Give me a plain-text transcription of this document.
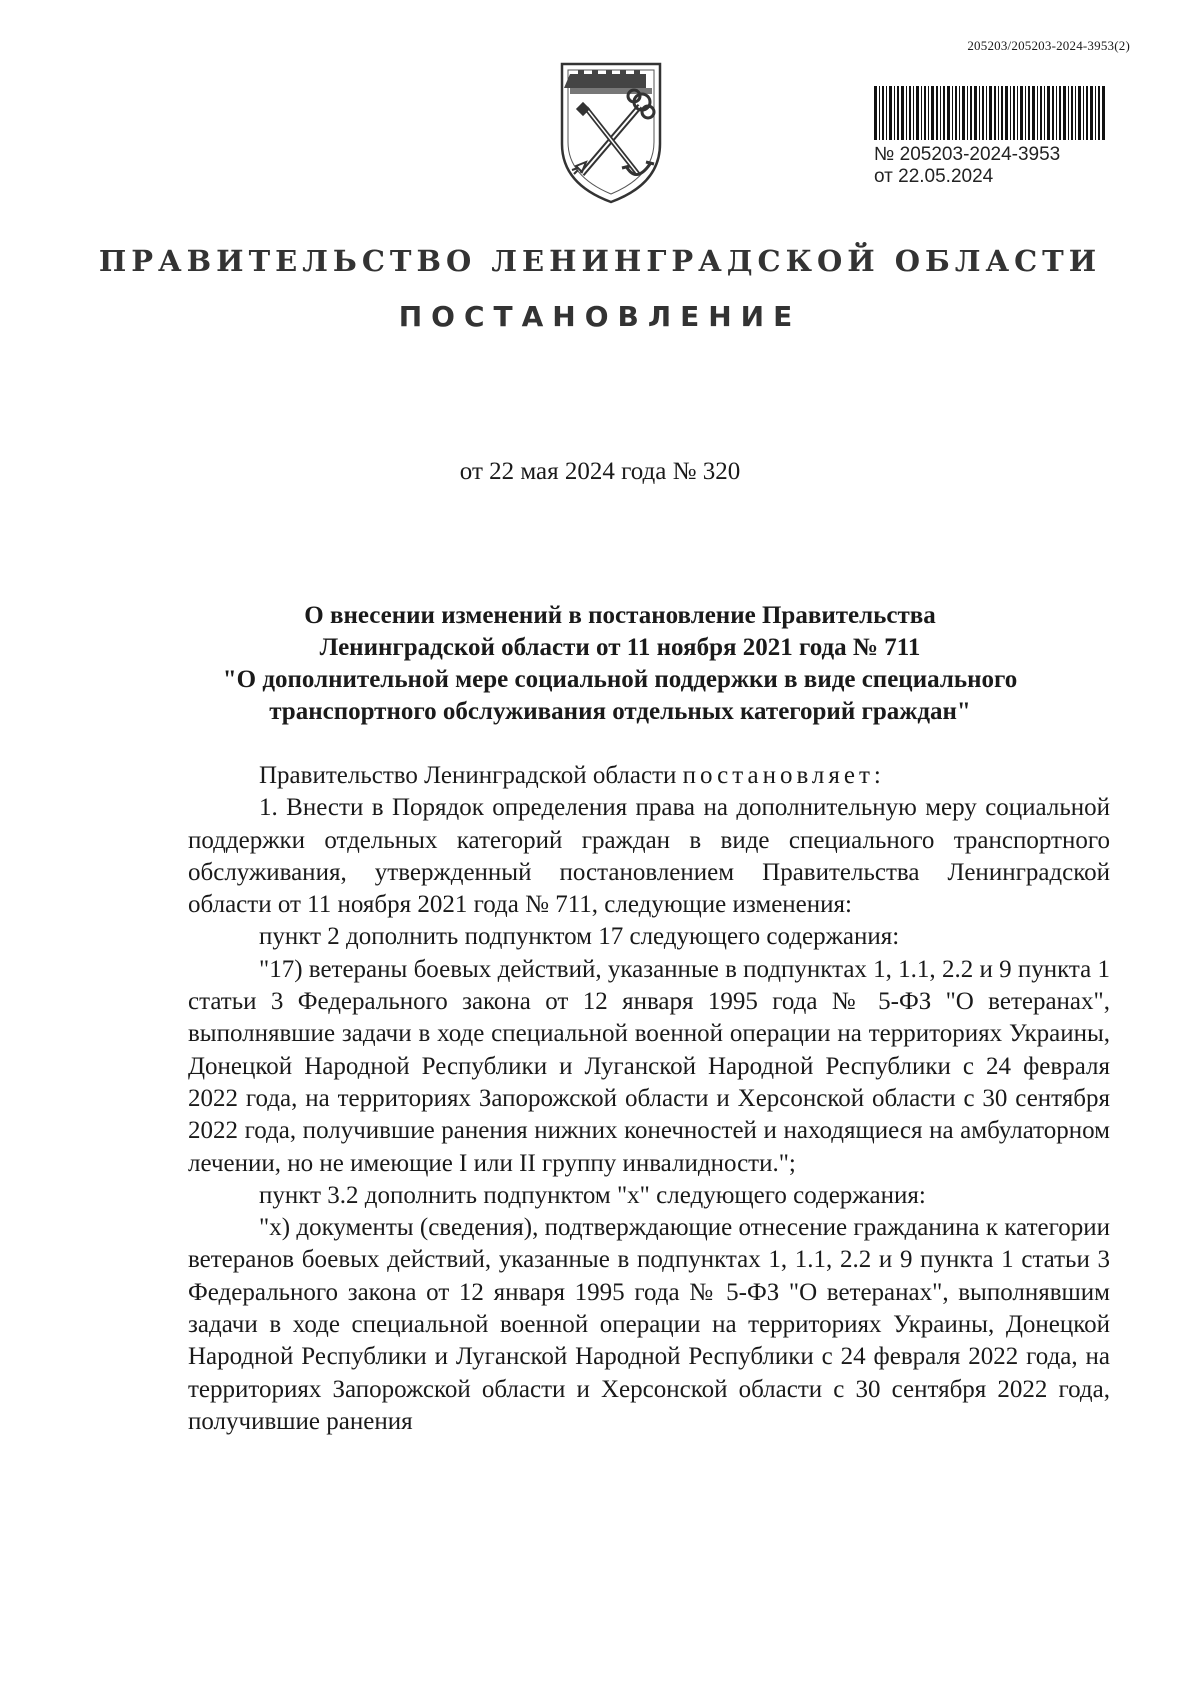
205203/205203-2024-3953(2)
№ 205203-2024-3953
от 22.05.2024
ПРАВИТЕЛЬСТВО ЛЕНИНГРАДСКОЙ ОБЛАСТИ
ПОСТАНОВЛЕНИЕ
от 22 мая 2024 года № 320
О внесении изменений в постановление Правительства
Ленинградской области от 11 ноября 2021 года № 711
"О дополнительной мере социальной поддержки в виде специального
транспортного обслуживания отдельных категорий граждан"

Правительство Ленинградской области постановляет:

1. Внести в Порядок определения права на дополнительную меру социальной поддержки отдельных категорий граждан в виде специального транспортного обслуживания, утвержденный постановлением Правительства Ленинградской области от 11 ноября 2021 года № 711, следующие изменения:

пункт 2 дополнить подпунктом 17 следующего содержания:

"17) ветераны боевых действий, указанные в подпунктах 1, 1.1, 2.2 и 9 пункта 1 статьи 3 Федерального закона от 12 января 1995 года № 5-ФЗ "О ветеранах", выполнявшие задачи в ходе специальной военной операции на территориях Украины, Донецкой Народной Республики и Луганской Народной Республики с 24 февраля 2022 года, на территориях Запорожской области и Херсонской области с 30 сентября 2022 года, получившие ранения нижних конечностей и находящиеся на амбулаторном лечении, но не имеющие I или II группу инвалидности.";

пункт 3.2 дополнить подпунктом "х" следующего содержания:

"х) документы (сведения), подтверждающие отнесение гражданина к категории ветеранов боевых действий, указанные в подпунктах 1, 1.1, 2.2 и 9 пункта 1 статьи 3 Федерального закона от 12 января 1995 года № 5-ФЗ "О ветеранах", выполнявшим задачи в ходе специальной военной операции на территориях Украины, Донецкой Народной Республики и Луганской Народной Республики с 24 февраля 2022 года, на территориях Запорожской области и Херсонской области с 30 сентября 2022 года, получившие ранения
